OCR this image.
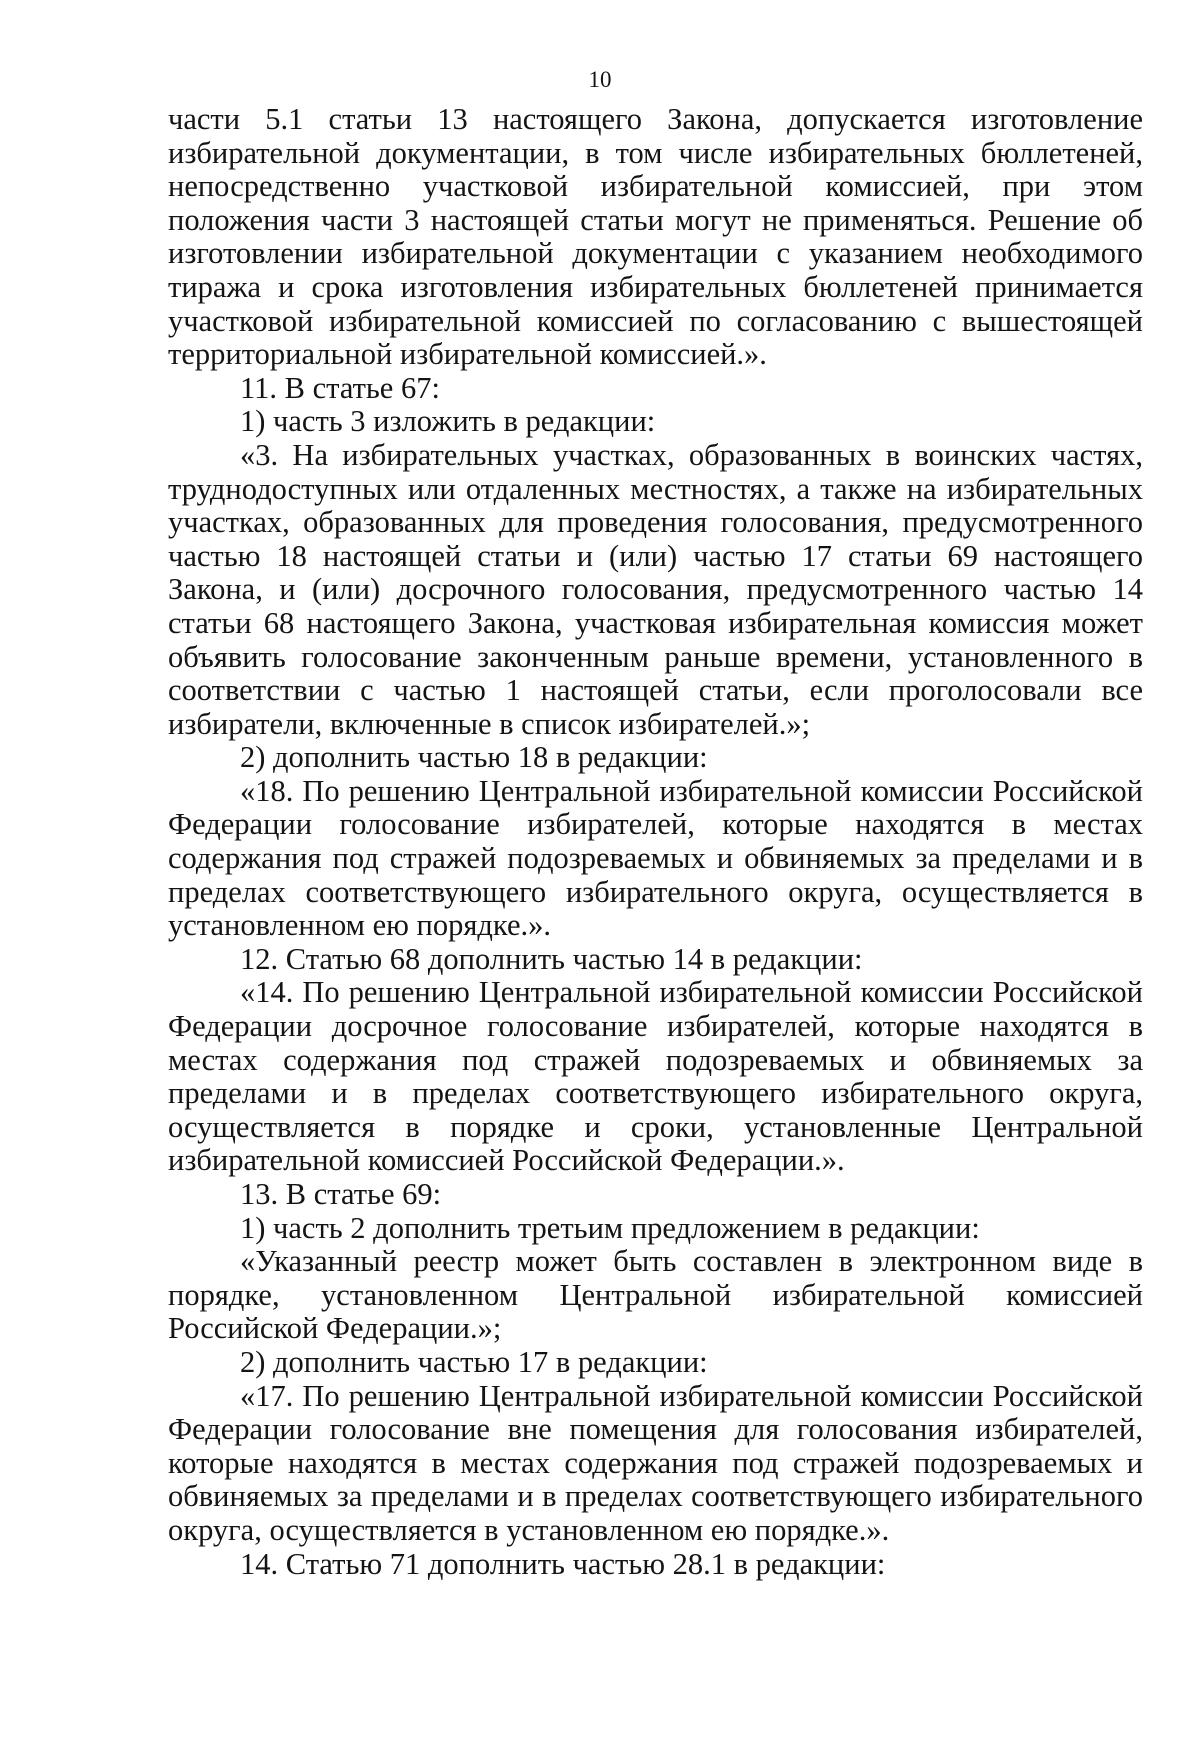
10

части 5.1 статьи 13 настоящего Закона, допускается изготовление избирательной документации, в том числе избирательных бюллетеней, непосредственно участковой избирательной комиссией, при этом положения части 3 настоящей статьи могут не применяться. Решение об изготовлении избирательной документации с указанием необходимого тиража и срока изготовления избирательных бюллетеней принимается участковой избирательной комиссией по согласованию с вышестоящей территориальной избирательной комиссией.».

11. В статье 67:

1) часть 3 изложить в редакции:

«3. На избирательных участках, образованных в воинских частях, труднодоступных или отдаленных местностях, а также на избирательных участках, образованных для проведения голосования, предусмотренного частью 18 настоящей статьи и (или) частью 17 статьи 69 настоящего Закона, и (или) досрочного голосования, предусмотренного частью 14 статьи 68 настоящего Закона, участковая избирательная комиссия может объявить голосование законченным раньше времени, установленного в соответствии с частью 1 настоящей статьи, если проголосовали все избиратели, включенные в список избирателей.»;

2) дополнить частью 18 в редакции:

«18. По решению Центральной избирательной комиссии Российской Федерации голосование избирателей, которые находятся в местах содержания под стражей подозреваемых и обвиняемых за пределами и в пределах соответствующего избирательного округа, осуществляется в установленном ею порядке.».

12. Статью 68 дополнить частью 14 в редакции:

«14. По решению Центральной избирательной комиссии Российской Федерации досрочное голосование избирателей, которые находятся в местах содержания под стражей подозреваемых и обвиняемых за пределами и в пределах соответствующего избирательного округа, осуществляется в порядке и сроки, установленные Центральной избирательной комиссией Российской Федерации.».

13. В статье 69:

1) часть 2 дополнить третьим предложением в редакции:

«Указанный реестр может быть составлен в электронном виде в порядке, установленном Центральной избирательной комиссией Российской Федерации.»;

2) дополнить частью 17 в редакции:

«17. По решению Центральной избирательной комиссии Российской Федерации голосование вне помещения для голосования избирателей, которые находятся в местах содержания под стражей подозреваемых и обвиняемых за пределами и в пределах соответствующего избирательного округа, осуществляется в установленном ею порядке.».

14. Статью 71 дополнить частью 28.1 в редакции:
